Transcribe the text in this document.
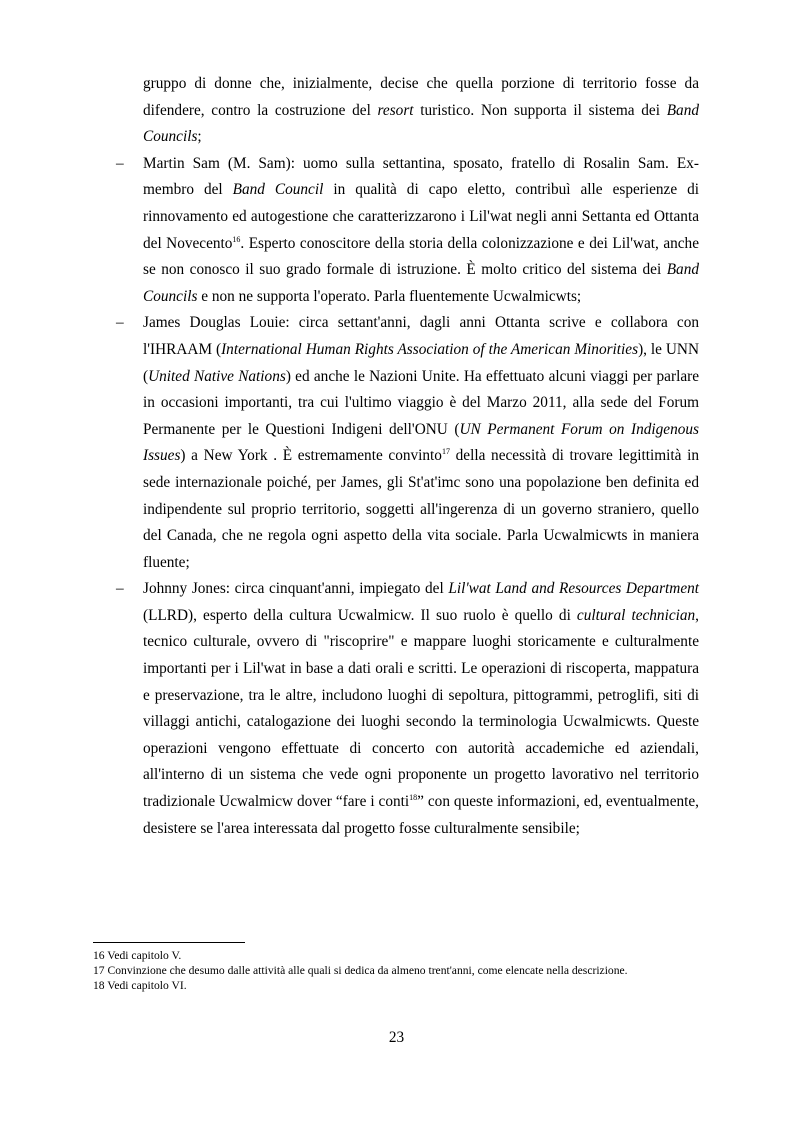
gruppo di donne che, inizialmente, decise che quella porzione di territorio fosse da difendere, contro la costruzione del resort turistico. Non supporta il sistema dei Band Councils;

– Martin Sam (M. Sam): uomo sulla settantina, sposato, fratello di Rosalin Sam. Ex-membro del Band Council in qualità di capo eletto, contribuì alle esperienze di rinnovamento ed autogestione che caratterizzarono i Lil'wat negli anni Settanta ed Ottanta del Novecento$^{16}$. Esperto conoscitore della storia della colonizzazione e dei Lil'wat, anche se non conosco il suo grado formale di istruzione. È molto critico del sistema dei Band Councils e non ne supporta l'operato. Parla fluentemente Ucwalmicwts;

– James Douglas Louie: circa settant'anni, dagli anni Ottanta scrive e collabora con l'IHRAAM (International Human Rights Association of the American Minorities), le UNN (United Native Nations) ed anche le Nazioni Unite. Ha effettuato alcuni viaggi per parlare in occasioni importanti, tra cui l'ultimo viaggio è del Marzo 2011, alla sede del Forum Permanente per le Questioni Indigeni dell'ONU (UN Permanent Forum on Indigenous Issues) a New York . È estremamente convinto$^{17}$ della necessità di trovare legittimità in sede internazionale poiché, per James, gli St'at'imc sono una popolazione ben definita ed indipendente sul proprio territorio, soggetti all'ingerenza di un governo straniero, quello del Canada, che ne regola ogni aspetto della vita sociale. Parla Ucwalmicwts in maniera fluente;

– Johnny Jones: circa cinquant'anni, impiegato del Lil'wat Land and Resources Department (LLRD), esperto della cultura Ucwalmicw. Il suo ruolo è quello di cultural technician, tecnico culturale, ovvero di "riscoprire" e mappare luoghi storicamente e culturalmente importanti per i Lil'wat in base a dati orali e scritti. Le operazioni di riscoperta, mappatura e preservazione, tra le altre, includono luoghi di sepoltura, pittogrammi, petroglifi, siti di villaggi antichi, catalogazione dei luoghi secondo la terminologia Ucwalmicwts. Queste operazioni vengono effettuate di concerto con autorità accademiche ed aziendali, all'interno di un sistema che vede ogni proponente un progetto lavorativo nel territorio tradizionale Ucwalmicw dover “fare i conti$^{18}$” con queste informazioni, ed, eventualmente, desistere se l'area interessata dal progetto fosse culturalmente sensibile;

16 Vedi capitolo V.

17 Convinzione che desumo dalle attività alle quali si dedica da almeno trent'anni, come elencate nella descrizione.

18 Vedi capitolo VI.

23
